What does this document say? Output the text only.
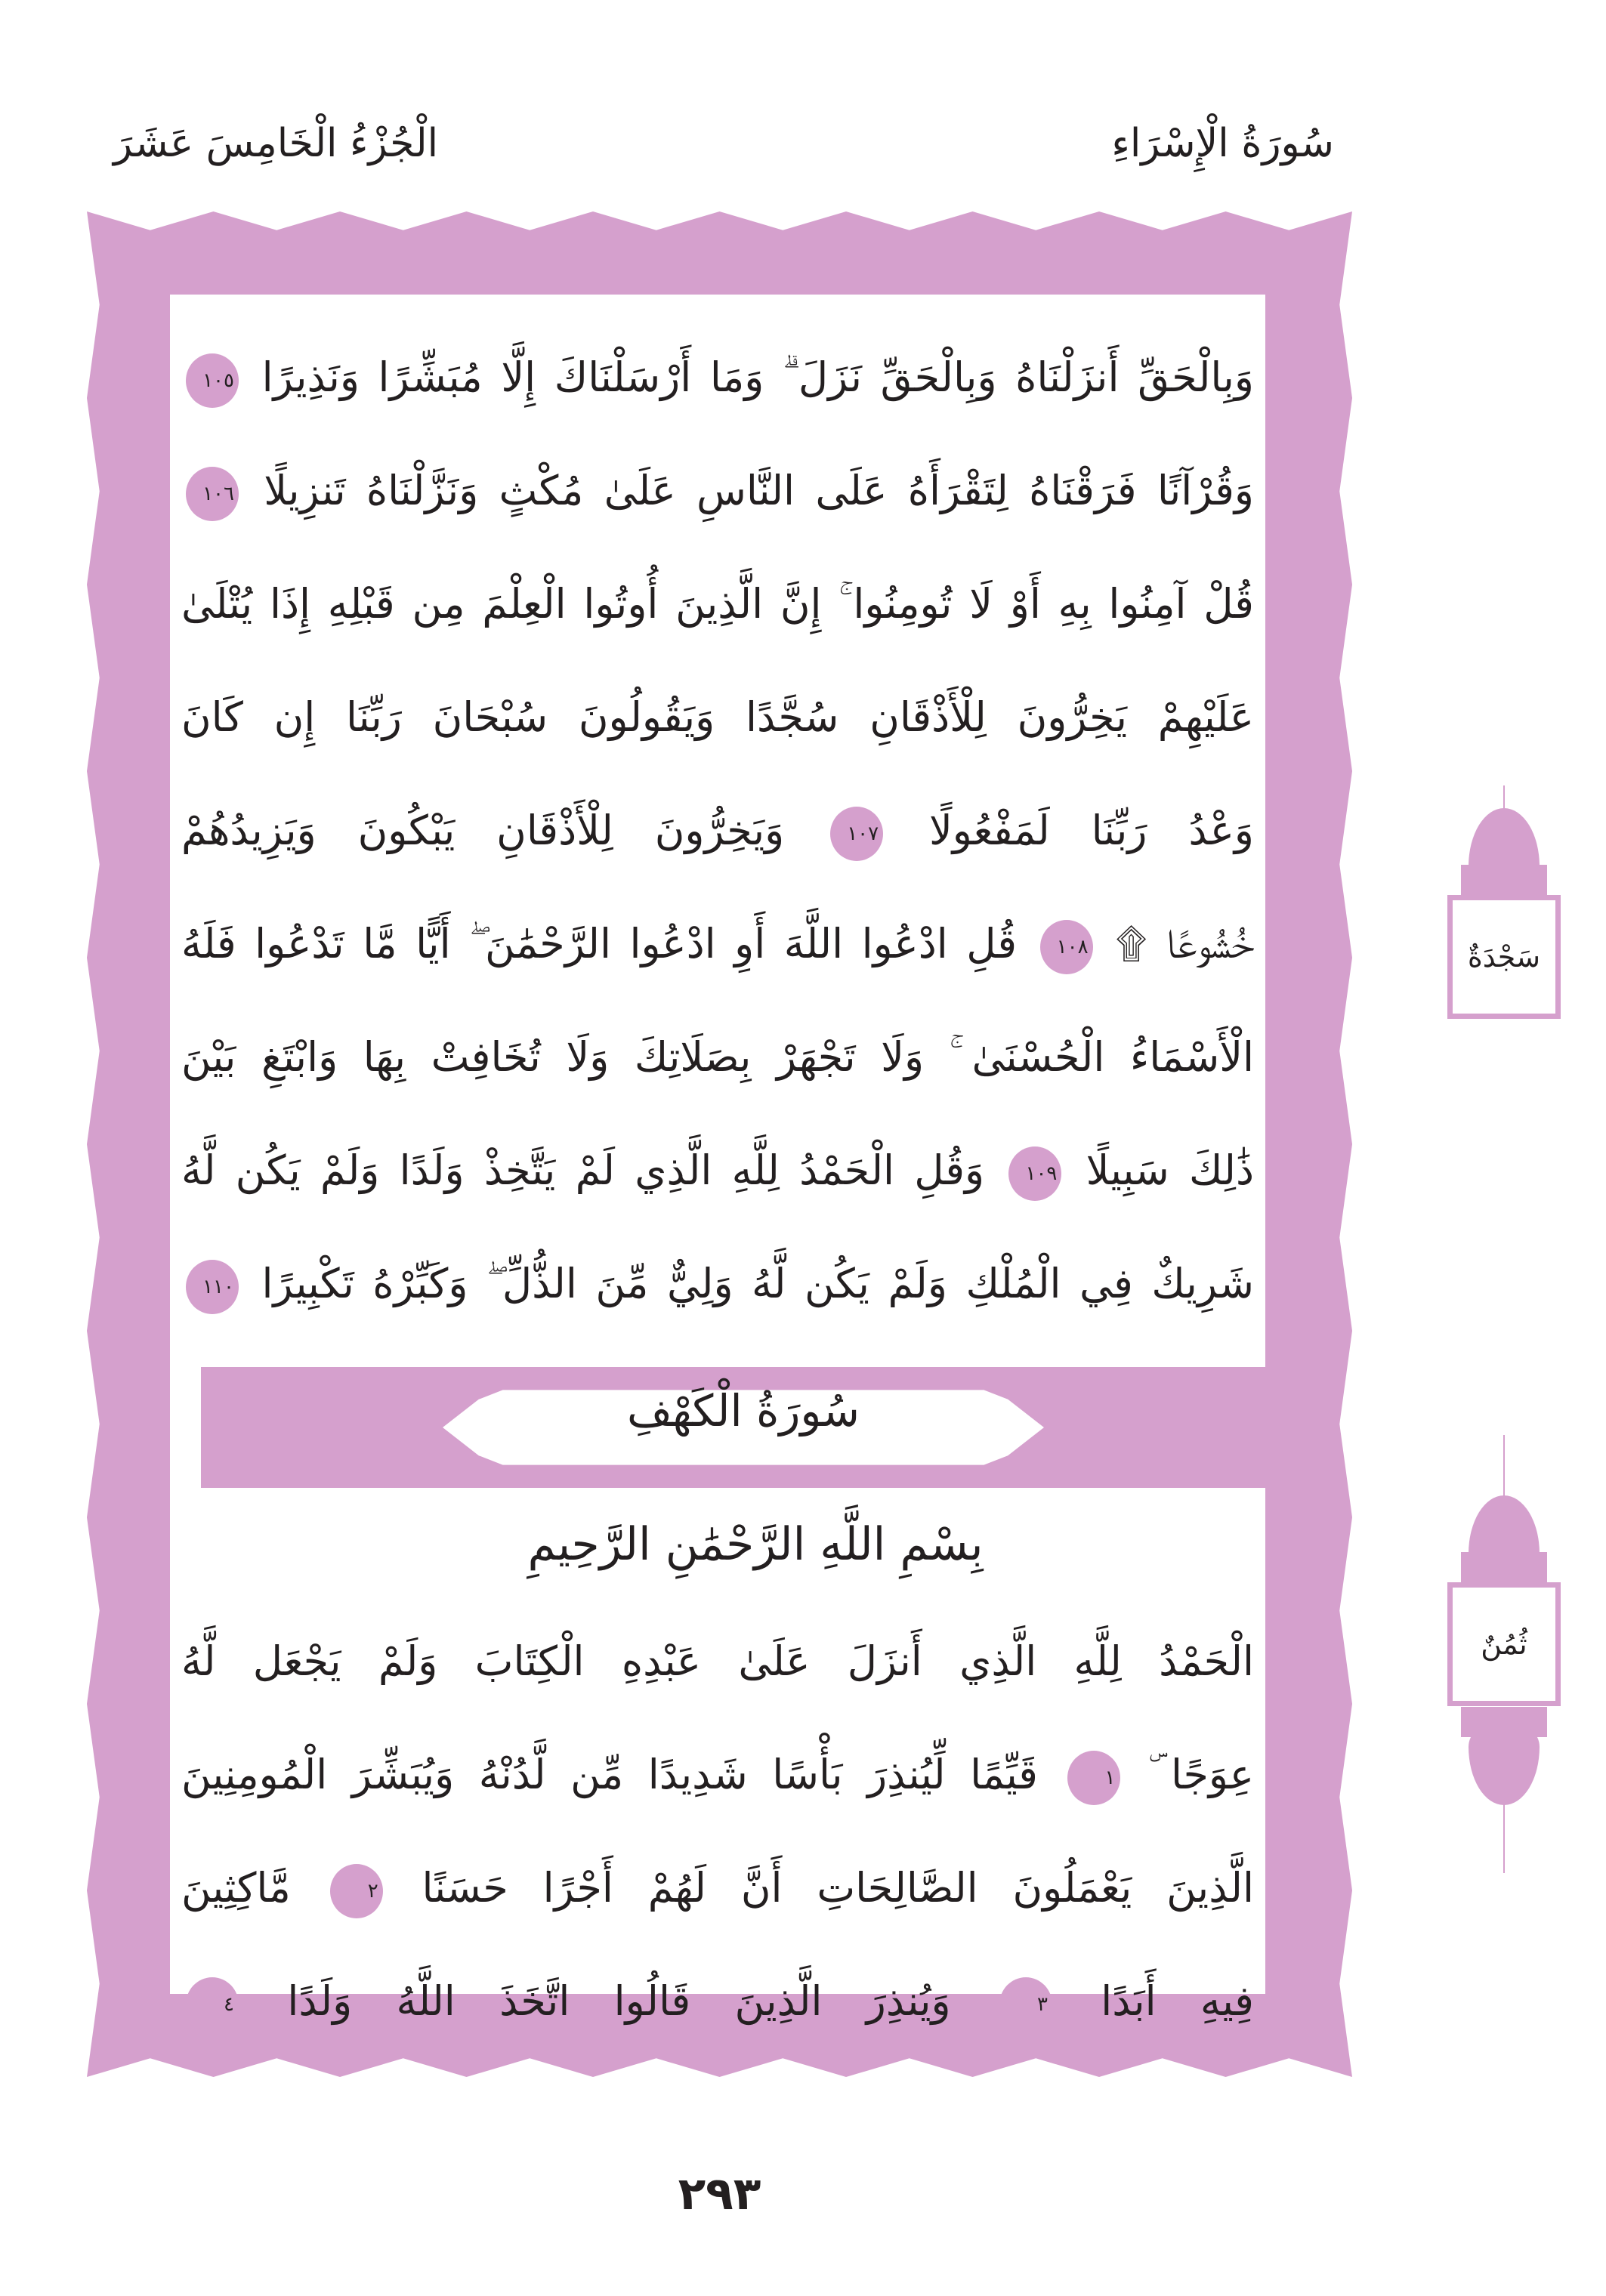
سُورَةُ الْإِسْرَاءِ
الْجُزْءُ الْخَامِسَ عَشَرَ
وَبِالْحَقِّ أَنزَلْنَاهُ وَبِالْحَقِّ نَزَلَ ۗ وَمَا أَرْسَلْنَاكَ إِلَّا مُبَشِّرًا وَنَذِيرًا ١٠٥
وَقُرْآنًا فَرَقْنَاهُ لِتَقْرَأَهُ عَلَى النَّاسِ عَلَىٰ مُكْثٍ وَنَزَّلْنَاهُ تَنزِيلًا ١٠٦
قُلْ آمِنُوا بِهِ أَوْ لَا تُومِنُوا ۚ إِنَّ الَّذِينَ أُوتُوا الْعِلْمَ مِن قَبْلِهِ إِذَا يُتْلَىٰ
عَلَيْهِمْ يَخِرُّونَ لِلْأَذْقَانِ سُجَّدًا وَيَقُولُونَ سُبْحَانَ رَبِّنَا إِن كَانَ
وَعْدُ رَبِّنَا لَمَفْعُولًا ١٠٧ وَيَخِرُّونَ لِلْأَذْقَانِ يَبْكُونَ وَيَزِيدُهُمْ
خُشُوعًا ۩ ١٠٨ قُلِ ادْعُوا اللَّهَ أَوِ ادْعُوا الرَّحْمَٰنَ ۖ أَيًّا مَّا تَدْعُوا فَلَهُ
الْأَسْمَاءُ الْحُسْنَىٰ ۚ وَلَا تَجْهَرْ بِصَلَاتِكَ وَلَا تُخَافِتْ بِهَا وَابْتَغِ بَيْنَ
ذَٰلِكَ سَبِيلًا ١٠٩ وَقُلِ الْحَمْدُ لِلَّهِ الَّذِي لَمْ يَتَّخِذْ وَلَدًا وَلَمْ يَكُن لَّهُ
شَرِيكٌ فِي الْمُلْكِ وَلَمْ يَكُن لَّهُ وَلِيٌّ مِّنَ الذُّلِّ ۖ وَكَبِّرْهُ تَكْبِيرًا ١١٠
سُورَةُ الْكَهْفِ
بِسْمِ اللَّهِ الرَّحْمَٰنِ الرَّحِيمِ
الْحَمْدُ لِلَّهِ الَّذِي أَنزَلَ عَلَىٰ عَبْدِهِ الْكِتَابَ وَلَمْ يَجْعَل لَّهُ
عِوَجًا ۜ ١ قَيِّمًا لِّيُنذِرَ بَأْسًا شَدِيدًا مِّن لَّدُنْهُ وَيُبَشِّرَ الْمُومِنِينَ
الَّذِينَ يَعْمَلُونَ الصَّالِحَاتِ أَنَّ لَهُمْ أَجْرًا حَسَنًا ٢ مَّاكِثِينَ
فِيهِ أَبَدًا ٣ وَيُنذِرَ الَّذِينَ قَالُوا اتَّخَذَ اللَّهُ وَلَدًا ٤
سَجْدَةٌ
ثُمُنٌ
٢٩٣
